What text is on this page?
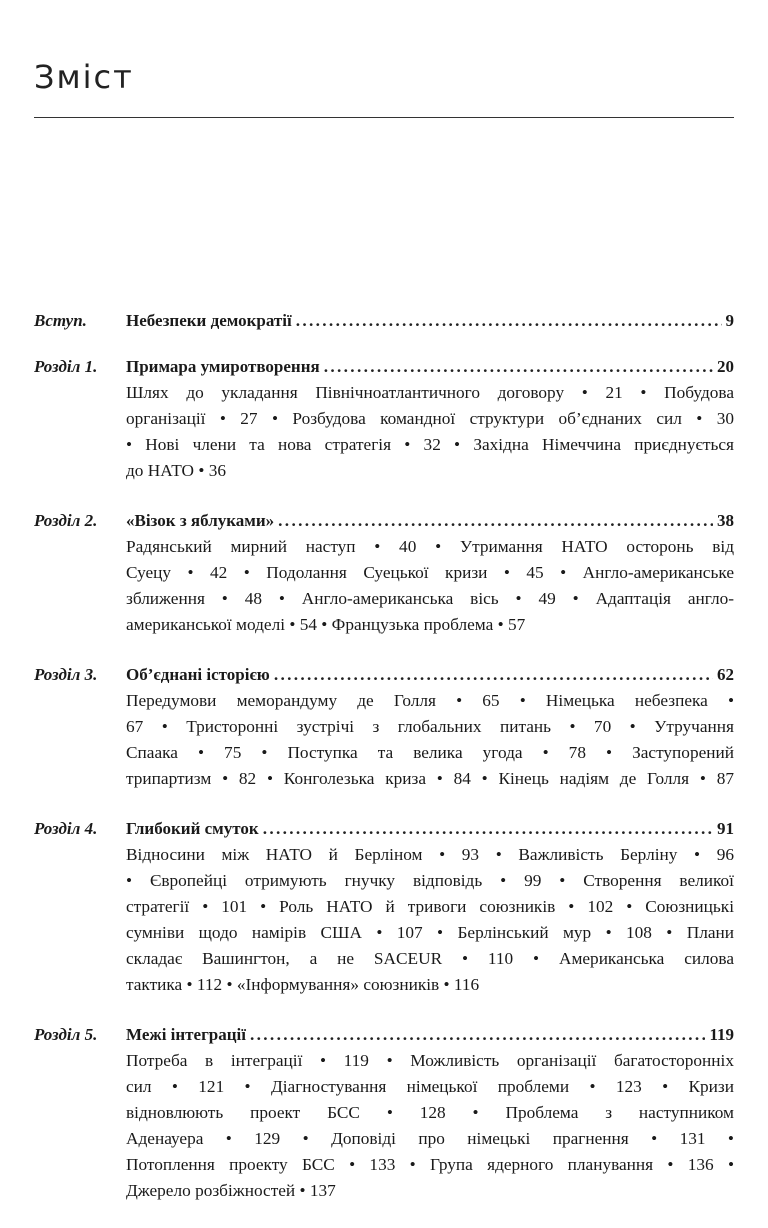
Зміст
Вступ.	Небезпеки демократії . . .	9
Розділ 1.	Примара умиротворення . . .	20
Шлях до укладання Північноатлантичного договору • 21 • Побудова
організації • 27 • Розбудова командної структури об’єднаних сил • 30
• Нові члени та нова стратегія • 32 • Західна Німеччина приєднується
до НАТО • 36
Розділ 2.	«Візок з яблуками» . . .	38
Радянський мирний наступ • 40 • Утримання НАТО осторонь від
Суецу • 42 • Подолання Суецької кризи • 45 • Англо-американське
зближення • 48 • Англо-американська вісь • 49 • Адаптація англо-
американської моделі • 54 • Французька проблема • 57
Розділ 3.	Об’єднані історією . . .	62
Передумови меморандуму де Голля • 65 • Німецька небезпека •
67 • Тристоронні зустрічі з глобальних питань • 70 • Утручання
Спаака • 75 • Поступка та велика угода • 78 • Заступорений
трипартизм • 82 • Конголезька криза • 84 • Кінець надіям де Голля • 87
Розділ 4.	Глибокий смуток . . .	91
Відносини між НАТО й Берліном • 93 • Важливість Берліну • 96
• Європейці отримують гнучку відповідь • 99 • Створення великої
стратегії • 101 • Роль НАТО й тривоги союзників • 102 • Союзницькі
сумніви щодо намірів США • 107 • Берлінський мур • 108 • Плани
складає Вашингтон, а не SACEUR • 110 • Американська силова
тактика • 112 • «Інформування» союзників • 116
Розділ 5.	Межі інтеграції . . .	119
Потреба в інтеграції • 119 • Можливість організації багатосторонніх
сил • 121 • Діагностування німецької проблеми • 123 • Кризи
відновлюють проект БСС • 128 • Проблема з наступником
Аденауера • 129 • Доповіді про німецькі прагнення • 131 •
Потоплення проекту БСС • 133 • Група ядерного планування • 136 •
Джерело розбіжностей • 137
